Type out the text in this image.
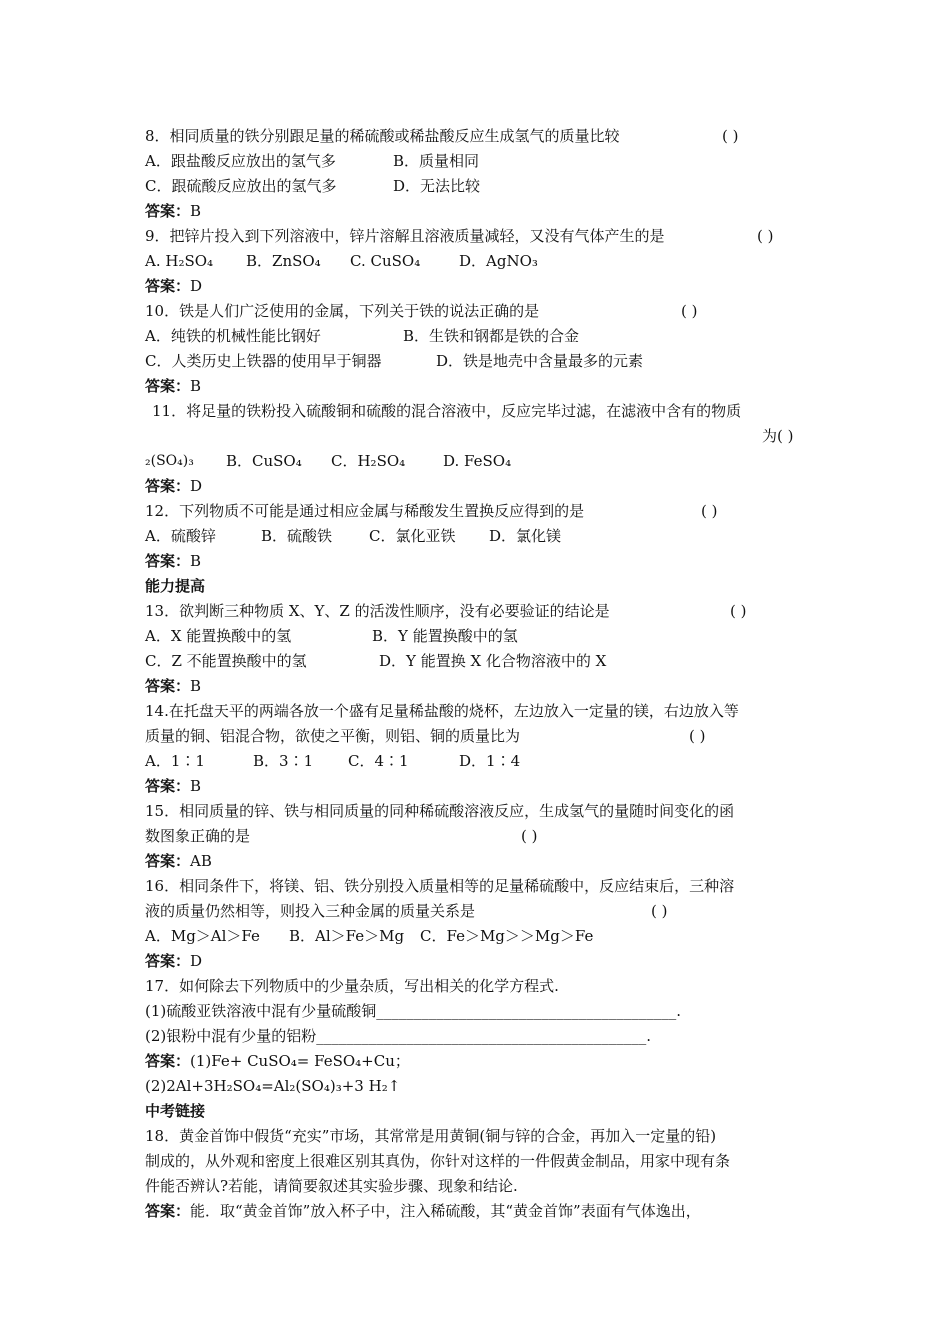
8．相同质量的铁分别跟足量的稀硫酸或稀盐酸反应生成氢气的质量比较	( )
A．跟盐酸反应放出的氢气多	B．质量相同
C．跟硫酸反应放出的氢气多	D．无法比较
答案：B
9．把锌片投入到下列溶液中，锌片溶解且溶液质量减轻，又没有气体产生的是	( )
A. H₂SO₄ B．ZnSO₄ C. CuSO₄	D．AgNO₃
答案：D
10．铁是人们广泛使用的金属，下列关于铁的说法正确的是	( )
A．纯铁的机械性能比钢好	B．生铁和钢都是铁的合金
C．人类历史上铁器的使用早于铜器	D．铁是地壳中含量最多的元素
答案：B
11．将足量的铁粉投入硫酸铜和硫酸的混合溶液中，反应完毕过滤，在滤液中含有的物质
为( )
₂(SO₄)₃ B．CuSO₄ C．H₂SO₄	D. FeSO₄
答案：D
12．下列物质不可能是通过相应金属与稀酸发生置换反应得到的是	( )
A．硫酸锌	B．硫酸铁 C．氯化亚铁 D．氯化镁
答案：B
能力提高
13．欲判断三种物质 X、Y、Z 的活泼性顺序，没有必要验证的结论是	( )
A．X 能置换酸中的氢	B．Y 能置换酸中的氢
C．Z 不能置换酸中的氢	D．Y 能置换 X 化合物溶液中的 X
答案：B
14.在托盘天平的两端各放一个盛有足量稀盐酸的烧杯，左边放入一定量的镁，右边放入等
质量的铜、铝混合物，欲使之平衡，则铝、铜的质量比为	( )
A．1∶1	B．3∶1 C．4∶1	D．1∶4
答案：B
15．相同质量的锌、铁与相同质量的同种稀硫酸溶液反应，生成氢气的量随时间变化的函
数图象正确的是	( )
答案：AB
16．相同条件下，将镁、铝、铁分别投入质量相等的足量稀硫酸中，反应结束后，三种溶
液的质量仍然相等，则投入三种金属的质量关系是	( )
A．Mg＞Al＞Fe B．Al＞Fe＞Mg C．Fe＞Mg＞＞Mg＞Fe
答案：D
17．如何除去下列物质中的少量杂质，写出相关的化学方程式.
(1)硫酸亚铁溶液中混有少量硫酸铜________________________________________.
(2)银粉中混有少量的铝粉____________________________________________.
答案：(1)Fe+ CuSO₄= FeSO₄+Cu；
(2)2Al+3H₂SO₄=Al₂(SO₄)₃+3 H₂↑
中考链接
18．黄金首饰中假货“充实”市场，其常常是用黄铜(铜与锌的合金，再加入一定量的铅)
制成的，从外观和密度上很难区别其真伪，你针对这样的一件假黄金制品，用家中现有条
件能否辨认?若能，请简要叙述其实验步骤、现象和结论.
答案：能．取“黄金首饰”放入杯子中，注入稀硫酸，其“黄金首饰”表面有气体逸出，
